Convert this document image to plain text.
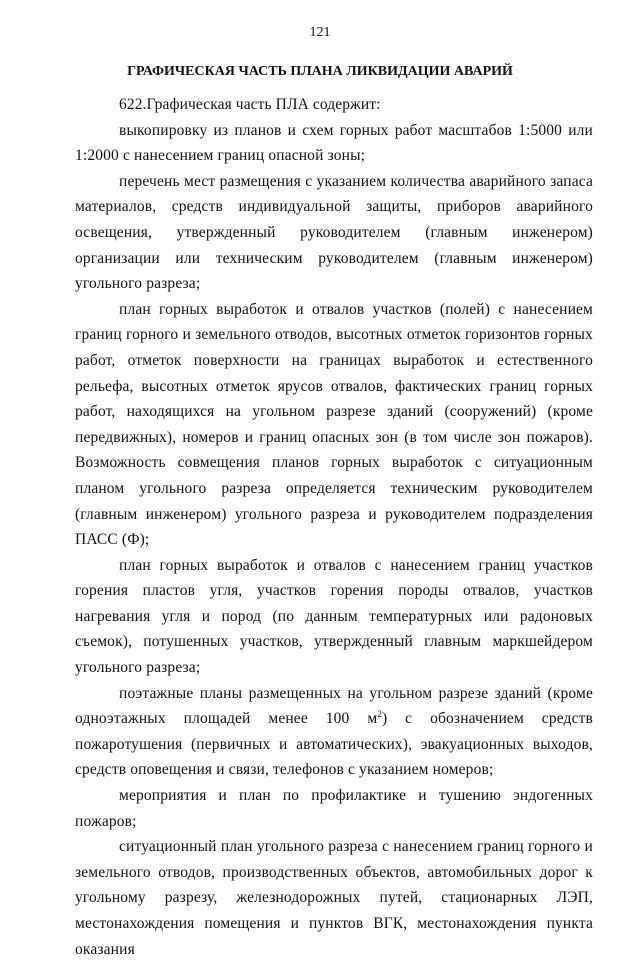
121
ГРАФИЧЕСКАЯ ЧАСТЬ ПЛАНА ЛИКВИДАЦИИ АВАРИЙ

622.Графическая часть ПЛА содержит:

выкопировку из планов и схем горных работ масштабов 1:5000 или 1:2000 с нанесением границ опасной зоны;

перечень мест размещения с указанием количества аварийного запаса материалов, средств индивидуальной защиты, приборов аварийного освещения, утвержденный руководителем (главным инженером) организации или техническим руководителем (главным инженером) угольного разреза;

план горных выработок и отвалов участков (полей) с нанесением границ горного и земельного отводов, высотных отметок горизонтов горных работ, отметок поверхности на границах выработок и естественного рельефа, высотных отметок ярусов отвалов, фактических границ горных работ, находящихся на угольном разрезе зданий (сооружений) (кроме передвижных), номеров и границ опасных зон (в том числе зон пожаров). Возможность совмещения планов горных выработок с ситуационным планом угольного разреза определяется техническим руководителем (главным инженером) угольного разреза и руководителем подразделения ПАСС (Ф);

план горных выработок и отвалов с нанесением границ участков горения пластов угля, участков горения породы отвалов, участков нагревания угля и пород (по данным температурных или радоновых съемок), потушенных участков, утвержденный главным маркшейдером угольного разреза;

поэтажные планы размещенных на угольном разрезе зданий (кроме одноэтажных площадей менее 100 $м^2$) с обозначением средств пожаротушения (первичных и автоматических), эвакуационных выходов, средств оповещения и связи, телефонов с указанием номеров;

мероприятия и план по профилактике и тушению эндогенных пожаров;

ситуационный план угольного разреза с нанесением границ горного и земельного отводов, производственных объектов, автомобильных дорог к угольному разрезу, железнодорожных путей, стационарных ЛЭП, местонахождения помещения и пунктов ВГК, местонахождения пункта оказания
